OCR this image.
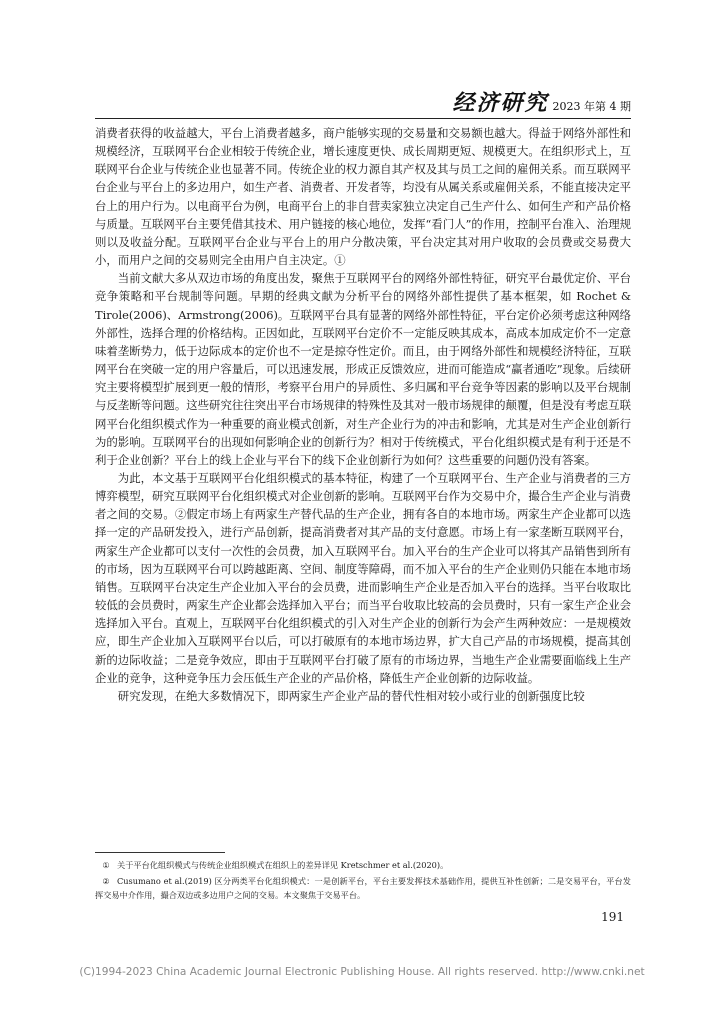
经济研究 2023 年第 4 期

消费者获得的收益越大，平台上消费者越多，商户能够实现的交易量和交易额也越大。得益于网络外部性和规模经济，互联网平台企业相较于传统企业，增长速度更快、成长周期更短、规模更大。在组织形式上，互联网平台企业与传统企业也显著不同。传统企业的权力源自其产权及其与员工之间的雇佣关系。而互联网平台企业与平台上的多边用户，如生产者、消费者、开发者等，均没有从属关系或雇佣关系，不能直接决定平台上的用户行为。以电商平台为例，电商平台上的非自营卖家独立决定自己生产什么、如何生产和产品价格与质量。互联网平台主要凭借其技术、用户链接的核心地位，发挥“看门人”的作用，控制平台准入、治理规则以及收益分配。互联网平台企业与平台上的用户分散决策，平台决定其对用户收取的会员费或交易费大小，而用户之间的交易则完全由用户自主决定。①

当前文献大多从双边市场的角度出发，聚焦于互联网平台的网络外部性特征，研究平台最优定价、平台竞争策略和平台规制等问题。早期的经典文献为分析平台的网络外部性提供了基本框架，如 Rochet & Tirole(2006)、Armstrong(2006)。互联网平台具有显著的网络外部性特征，平台定价必须考虑这种网络外部性，选择合理的价格结构。正因如此，互联网平台定价不一定能反映其成本，高成本加成定价不一定意味着垄断势力，低于边际成本的定价也不一定是掠夺性定价。而且，由于网络外部性和规模经济特征，互联网平台在突破一定的用户容量后，可以迅速发展，形成正反馈效应，进而可能造成“赢者通吃”现象。后续研究主要将模型扩展到更一般的情形，考察平台用户的异质性、多归属和平台竞争等因素的影响以及平台规制与反垄断等问题。这些研究往往突出平台市场规律的特殊性及其对一般市场规律的颠覆，但是没有考虑互联网平台化组织模式作为一种重要的商业模式创新，对生产企业行为的冲击和影响，尤其是对生产企业创新行为的影响。互联网平台的出现如何影响企业的创新行为？相对于传统模式，平台化组织模式是有利于还是不利于企业创新？平台上的线上企业与平台下的线下企业创新行为如何？这些重要的问题仍没有答案。

为此，本文基于互联网平台化组织模式的基本特征，构建了一个互联网平台、生产企业与消费者的三方博弈模型，研究互联网平台化组织模式对企业创新的影响。互联网平台作为交易中介，撮合生产企业与消费者之间的交易。②假定市场上有两家生产替代品的生产企业，拥有各自的本地市场。两家生产企业都可以选择一定的产品研发投入，进行产品创新，提高消费者对其产品的支付意愿。市场上有一家垄断互联网平台，两家生产企业都可以支付一次性的会员费，加入互联网平台。加入平台的生产企业可以将其产品销售到所有的市场，因为互联网平台可以跨越距离、空间、制度等障碍，而不加入平台的生产企业则仍只能在本地市场销售。互联网平台决定生产企业加入平台的会员费，进而影响生产企业是否加入平台的选择。当平台收取比较低的会员费时，两家生产企业都会选择加入平台；而当平台收取比较高的会员费时，只有一家生产企业会选择加入平台。直观上，互联网平台化组织模式的引入对生产企业的创新行为会产生两种效应：一是规模效应，即生产企业加入互联网平台以后，可以打破原有的本地市场边界，扩大自己产品的市场规模，提高其创新的边际收益；二是竞争效应，即由于互联网平台打破了原有的市场边界，当地生产企业需要面临线上生产企业的竞争，这种竞争压力会压低生产企业的产品价格，降低生产企业创新的边际收益。

研究发现，在绝大多数情况下，即两家生产企业产品的替代性相对较小或行业的创新强度比较

① 关于平台化组织模式与传统企业组织模式在组织上的差异详见 Kretschmer et al.(2020)。
② Cusumano et al.(2019) 区分两类平台化组织模式：一是创新平台，平台主要发挥技术基础作用，提供互补性创新；二是交易平台，平台发挥交易中介作用，撮合双边或多边用户之间的交易。本文聚焦于交易平台。
191
(C)1994-2023 China Academic Journal Electronic Publishing House. All rights reserved. http://www.cnki.net
